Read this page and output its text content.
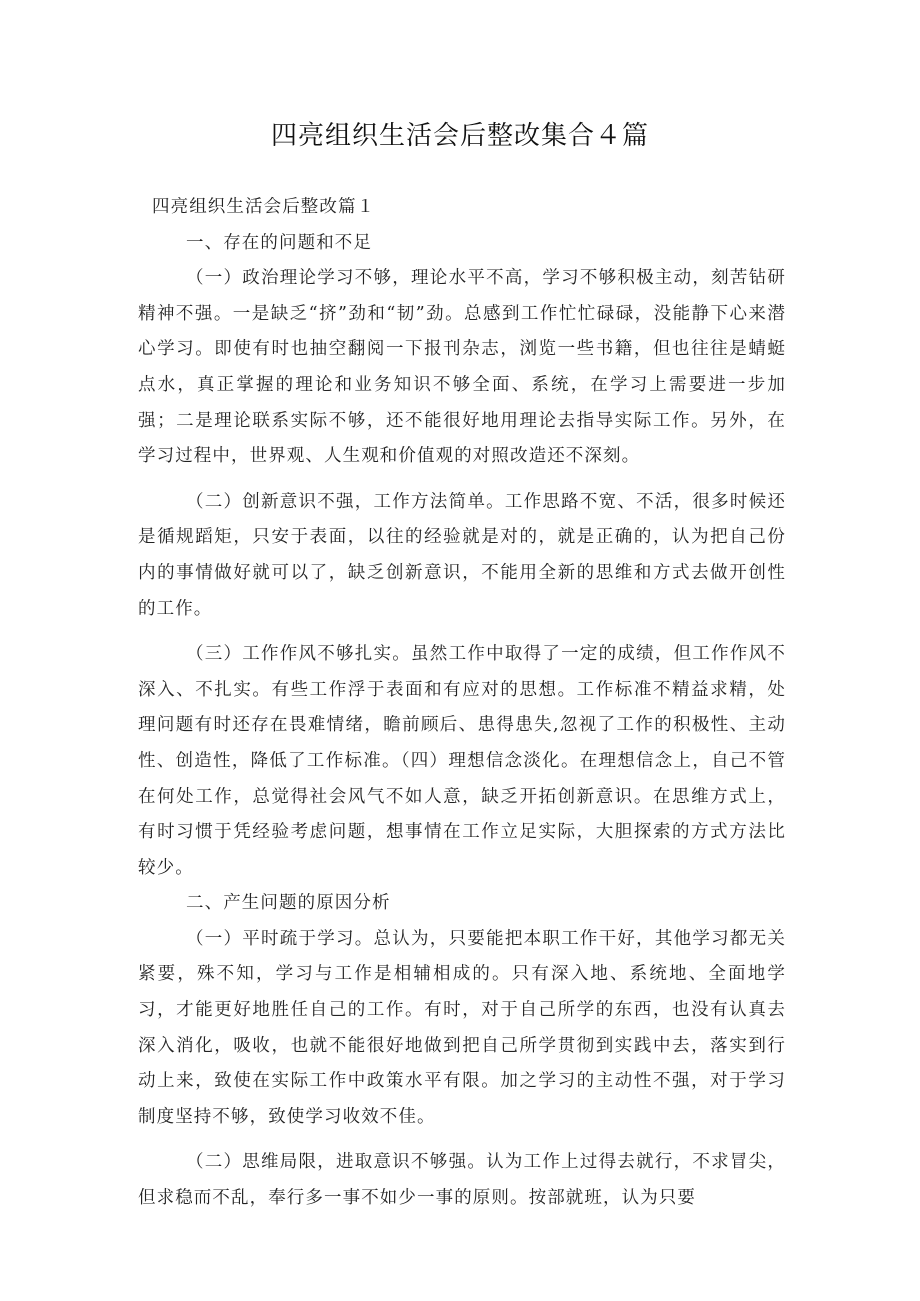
四亮组织生活会后整改集合４篇

四亮组织生活会后整改篇１

一、存在的问题和不足

（一）政治理论学习不够，理论水平不高，学习不够积极主动，刻苦钻研精神不强。一是缺乏“挤”劲和“韧”劲。总感到工作忙忙碌碌，没能静下心来潜心学习。即使有时也抽空翻阅一下报刊杂志，浏览一些书籍，但也往往是蜻蜓点水，真正掌握的理论和业务知识不够全面、系统，在学习上需要进一步加强；二是理论联系实际不够，还不能很好地用理论去指导实际工作。另外，在学习过程中，世界观、人生观和价值观的对照改造还不深刻。

（二）创新意识不强，工作方法简单。工作思路不宽、不活，很多时候还是循规蹈矩，只安于表面，以往的经验就是对的，就是正确的，认为把自己份内的事情做好就可以了，缺乏创新意识，不能用全新的思维和方式去做开创性的工作。

（三）工作作风不够扎实。虽然工作中取得了一定的成绩，但工作作风不深入、不扎实。有些工作浮于表面和有应对的思想。工作标准不精益求精，处理问题有时还存在畏难情绪，瞻前顾后、患得患失,忽视了工作的积极性、主动性、创造性，降低了工作标准。（四）理想信念淡化。在理想信念上，自己不管在何处工作，总觉得社会风气不如人意，缺乏开拓创新意识。在思维方式上，有时习惯于凭经验考虑问题，想事情在工作立足实际，大胆探索的方式方法比较少。

二、产生问题的原因分析

（一）平时疏于学习。总认为，只要能把本职工作干好，其他学习都无关紧要，殊不知，学习与工作是相辅相成的。只有深入地、系统地、全面地学习，才能更好地胜任自己的工作。有时，对于自己所学的东西，也没有认真去深入消化，吸收，也就不能很好地做到把自己所学贯彻到实践中去，落实到行动上来，致使在实际工作中政策水平有限。加之学习的主动性不强，对于学习制度坚持不够，致使学习收效不佳。

（二）思维局限，进取意识不够强。认为工作上过得去就行，不求冒尖，但求稳而不乱，奉行多一事不如少一事的原则。按部就班，认为只要
